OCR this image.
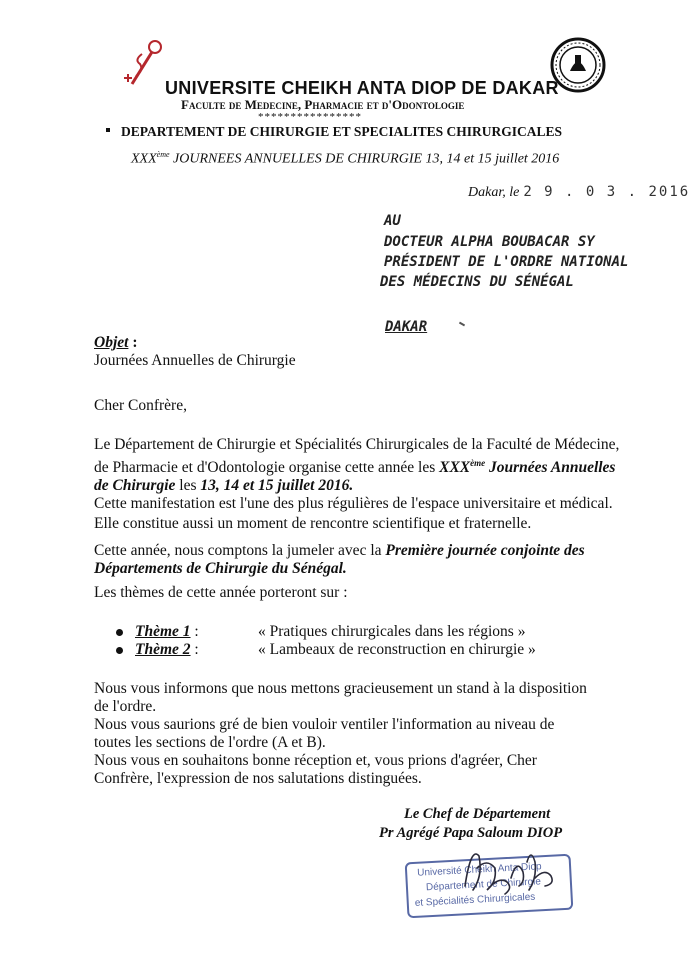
UNIVERSITE CHEIKH ANTA DIOP DE DAKAR
Faculte de Medecine, Pharmacie et d'Odontologie
****************
DEPARTEMENT DE CHIRURGIE ET SPECIALITES CHIRURGICALES
XXXème JOURNEES ANNUELLES DE CHIRURGIE 13, 14 et 15 juillet 2016
Dakar, le 2 9 . 0 3 . 2016
AU
DOCTEUR ALPHA BOUBACAR SY
PRÉSIDENT DE L'ORDRE NATIONAL
DES MÉDECINS DU SÉNÉGAL
DAKAR
Objet :
Journées Annuelles de Chirurgie
Cher Confrère,
Le Département de Chirurgie et Spécialités Chirurgicales de la Faculté de Médecine,
de Pharmacie et d'Odontologie organise cette année les XXXème Journées Annuelles
de Chirurgie les 13, 14 et 15 juillet 2016.
Cette manifestation est l'une des plus régulières de l'espace universitaire et médical.
Elle constitue aussi un moment de rencontre scientifique et fraternelle.
Cette année, nous comptons la jumeler avec la Première journée conjointe des
Départements de Chirurgie du Sénégal.
Les thèmes de cette année porteront sur :
Thème 1 :	« Pratiques chirurgicales dans les régions »
Thème 2 :	« Lambeaux de reconstruction en chirurgie »
Nous vous informons que nous mettons gracieusement un stand à la disposition
de l'ordre.
Nous vous saurions gré de bien vouloir ventiler l'information au niveau de
toutes les sections de l'ordre (A et B).
Nous vous en souhaitons bonne réception et, vous prions d'agréer, Cher
Confrère, l'expression de nos salutations distinguées.
Le Chef de Département
Pr Agrégé Papa Saloum DIOP
Université Cheikh Anta Diop
Département de Chirurgie
et Spécialités Chirurgicales
